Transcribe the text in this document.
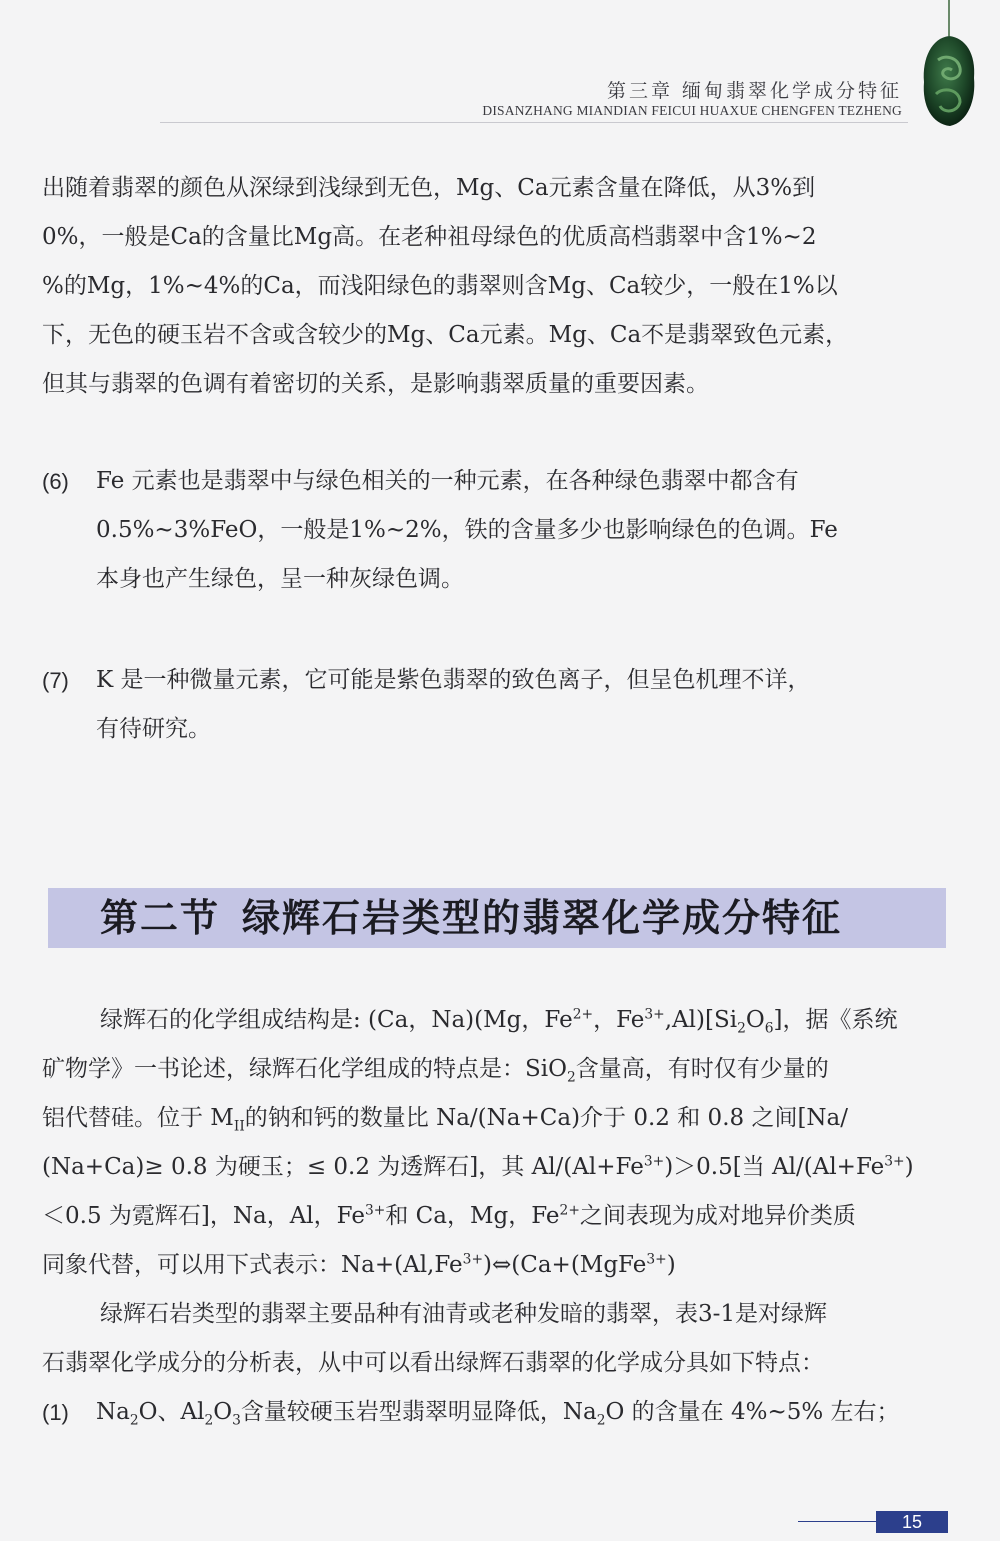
第三章 缅甸翡翠化学成分特征
DISANZHANG MIANDIAN FEICUI HUAXUE CHENGFEN TEZHENG
出随着翡翠的颜色从深绿到浅绿到无色，Mg、Ca元素含量在降低，从3%到
0%，一般是Ca的含量比Mg高。在老种祖母绿色的优质高档翡翠中含1%~2
%的Mg，1%~4%的Ca，而浅阳绿色的翡翠则含Mg、Ca较少，一般在1%以
下，无色的硬玉岩不含或含较少的Mg、Ca元素。Mg、Ca不是翡翠致色元素，
但其与翡翠的色调有着密切的关系，是影响翡翠质量的重要因素。
(6) Fe 元素也是翡翠中与绿色相关的一种元素，在各种绿色翡翠中都含有
0.5%~3%FeO，一般是1%~2%，铁的含量多少也影响绿色的色调。Fe
本身也产生绿色，呈一种灰绿色调。
(7) K 是一种微量元素，它可能是紫色翡翠的致色离子，但呈色机理不详，
有待研究。
第二节 绿辉石岩类型的翡翠化学成分特征
绿辉石的化学组成结构是: (Ca，Na)(Mg，$Fe^{2+}$，$Fe^{3+},Al)[Si_2O_6]$，据《系统
矿物学》一书论述，绿辉石化学组成的特点是：SiO$_2$含量高，有时仅有少量的
铝代替硅。位于 $M_{II}$的钠和钙的数量比 Na/(Na+Ca)介于 0.2 和 0.8 之间[Na/
(Na+Ca)≥ 0.8 为硬玉；≤ 0.2 为透辉石]，其 $Al/(Al+Fe^{3+})>0.5$[当 $Al/(Al+Fe^{3+})$
＜0.5 为霓辉石]，Na，Al，$Fe^{3+}$和 Ca，Mg，$Fe^{2+}$之间表现为成对地异价类质
同象代替，可以用下式表示：$Na+(Al,Fe^{3+})\Leftrightarrow(Ca+(MgFe^{3+})$
绿辉石岩类型的翡翠主要品种有油青或老种发暗的翡翠，表3-1是对绿辉
石翡翠化学成分的分析表，从中可以看出绿辉石翡翠的化学成分具如下特点：
(1) $Na_2O$、$Al_2O_3$含量较硬玉岩型翡翠明显降低，$Na_2O$ 的含量在 4%~5% 左右；
15
